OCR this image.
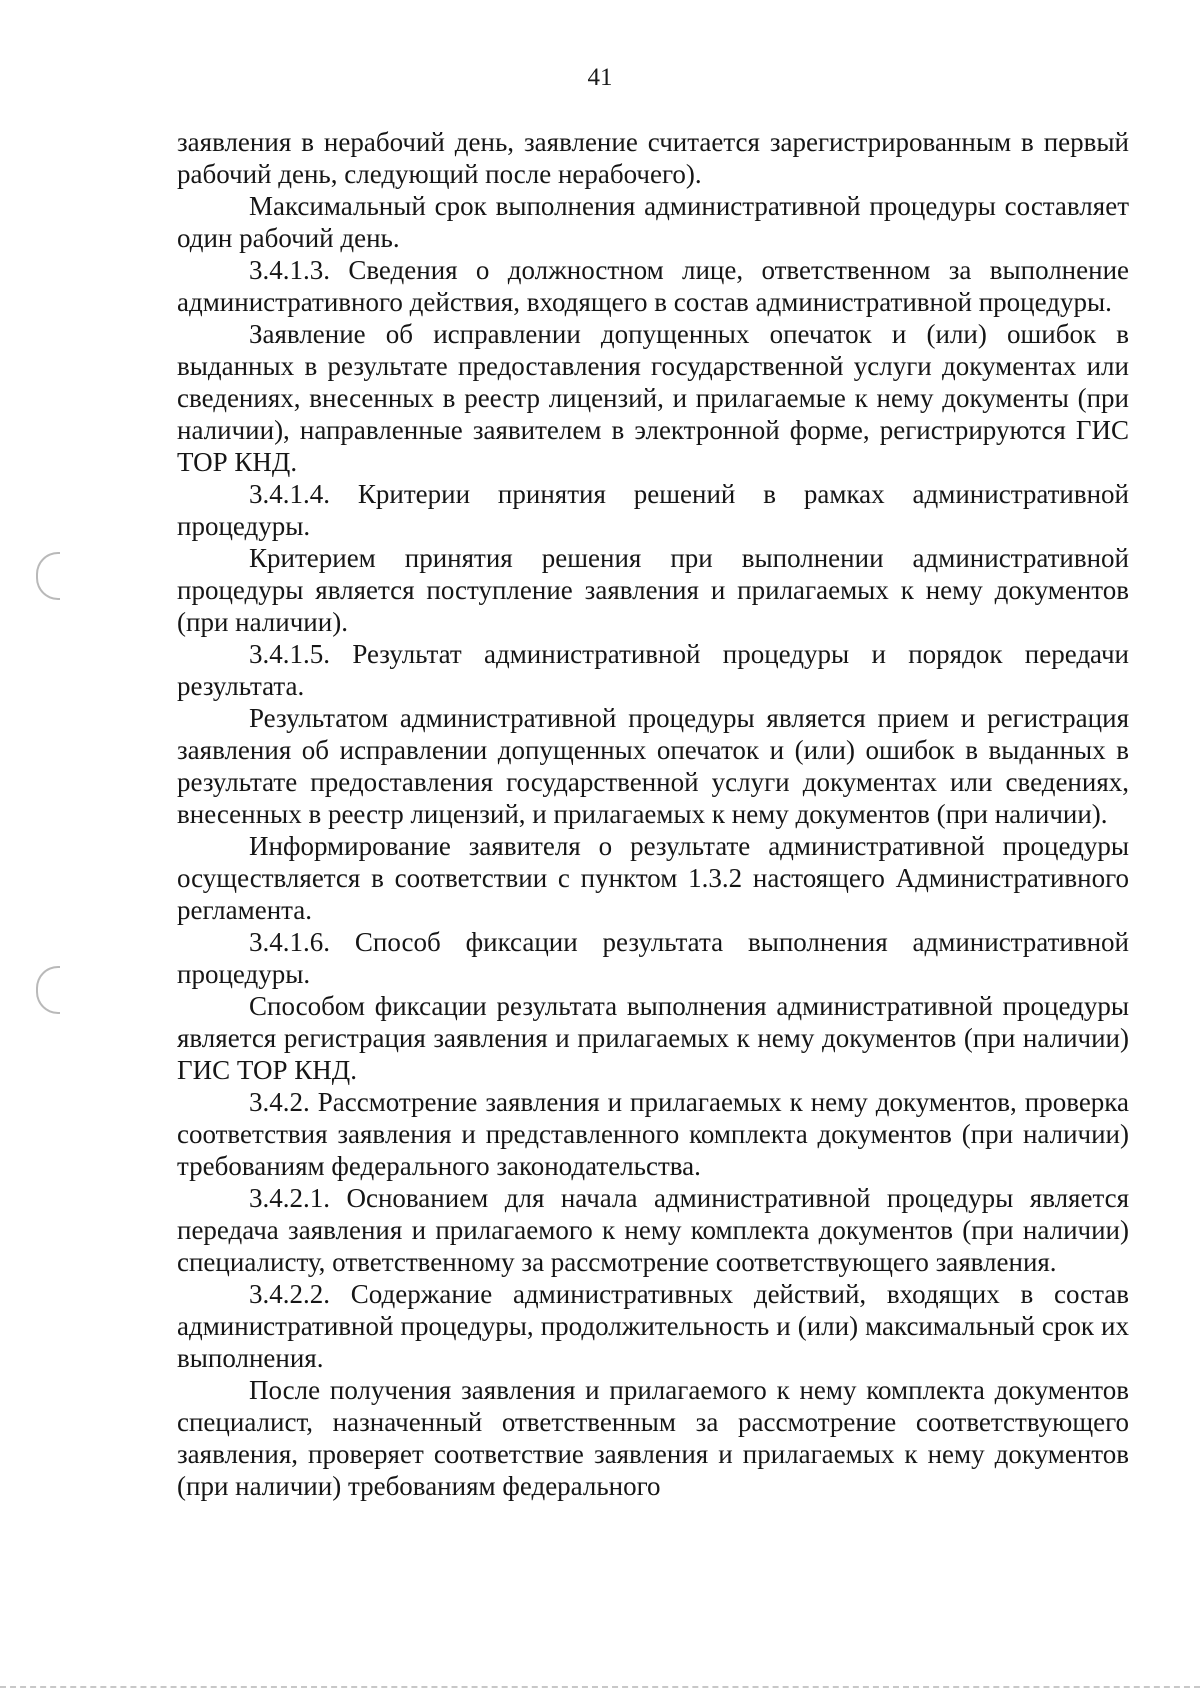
41

заявления в нерабочий день, заявление считается зарегистрированным в первый рабочий день, следующий после нерабочего).

Максимальный срок выполнения административной процедуры составляет один рабочий день.

3.4.1.3. Сведения о должностном лице, ответственном за выполнение административного действия, входящего в состав административной процедуры.

Заявление об исправлении допущенных опечаток и (или) ошибок в выданных в результате предоставления государственной услуги документах или сведениях, внесенных в реестр лицензий, и прилагаемые к нему документы (при наличии), направленные заявителем в электронной форме, регистрируются ГИС ТОР КНД.

3.4.1.4. Критерии принятия решений в рамках административной процедуры.

Критерием принятия решения при выполнении административной процедуры является поступление заявления и прилагаемых к нему документов (при наличии).

3.4.1.5. Результат административной процедуры и порядок передачи результата.

Результатом административной процедуры является прием и регистрация заявления об исправлении допущенных опечаток и (или) ошибок в выданных в результате предоставления государственной услуги документах или сведениях, внесенных в реестр лицензий, и прилагаемых к нему документов (при наличии).

Информирование заявителя о результате административной процедуры осуществляется в соответствии с пунктом 1.3.2 настоящего Административного регламента.

3.4.1.6. Способ фиксации результата выполнения административной процедуры.

Способом фиксации результата выполнения административной процедуры является регистрация заявления и прилагаемых к нему документов (при наличии) ГИС ТОР КНД.

3.4.2. Рассмотрение заявления и прилагаемых к нему документов, проверка соответствия заявления и представленного комплекта документов (при наличии) требованиям федерального законодательства.

3.4.2.1. Основанием для начала административной процедуры является передача заявления и прилагаемого к нему комплекта документов (при наличии) специалисту, ответственному за рассмотрение соответствующего заявления.

3.4.2.2. Содержание административных действий, входящих в состав административной процедуры, продолжительность и (или) максимальный срок их выполнения.

После получения заявления и прилагаемого к нему комплекта документов специалист, назначенный ответственным за рассмотрение соответствующего заявления, проверяет соответствие заявления и прилагаемых к нему документов (при наличии) требованиям федерального
